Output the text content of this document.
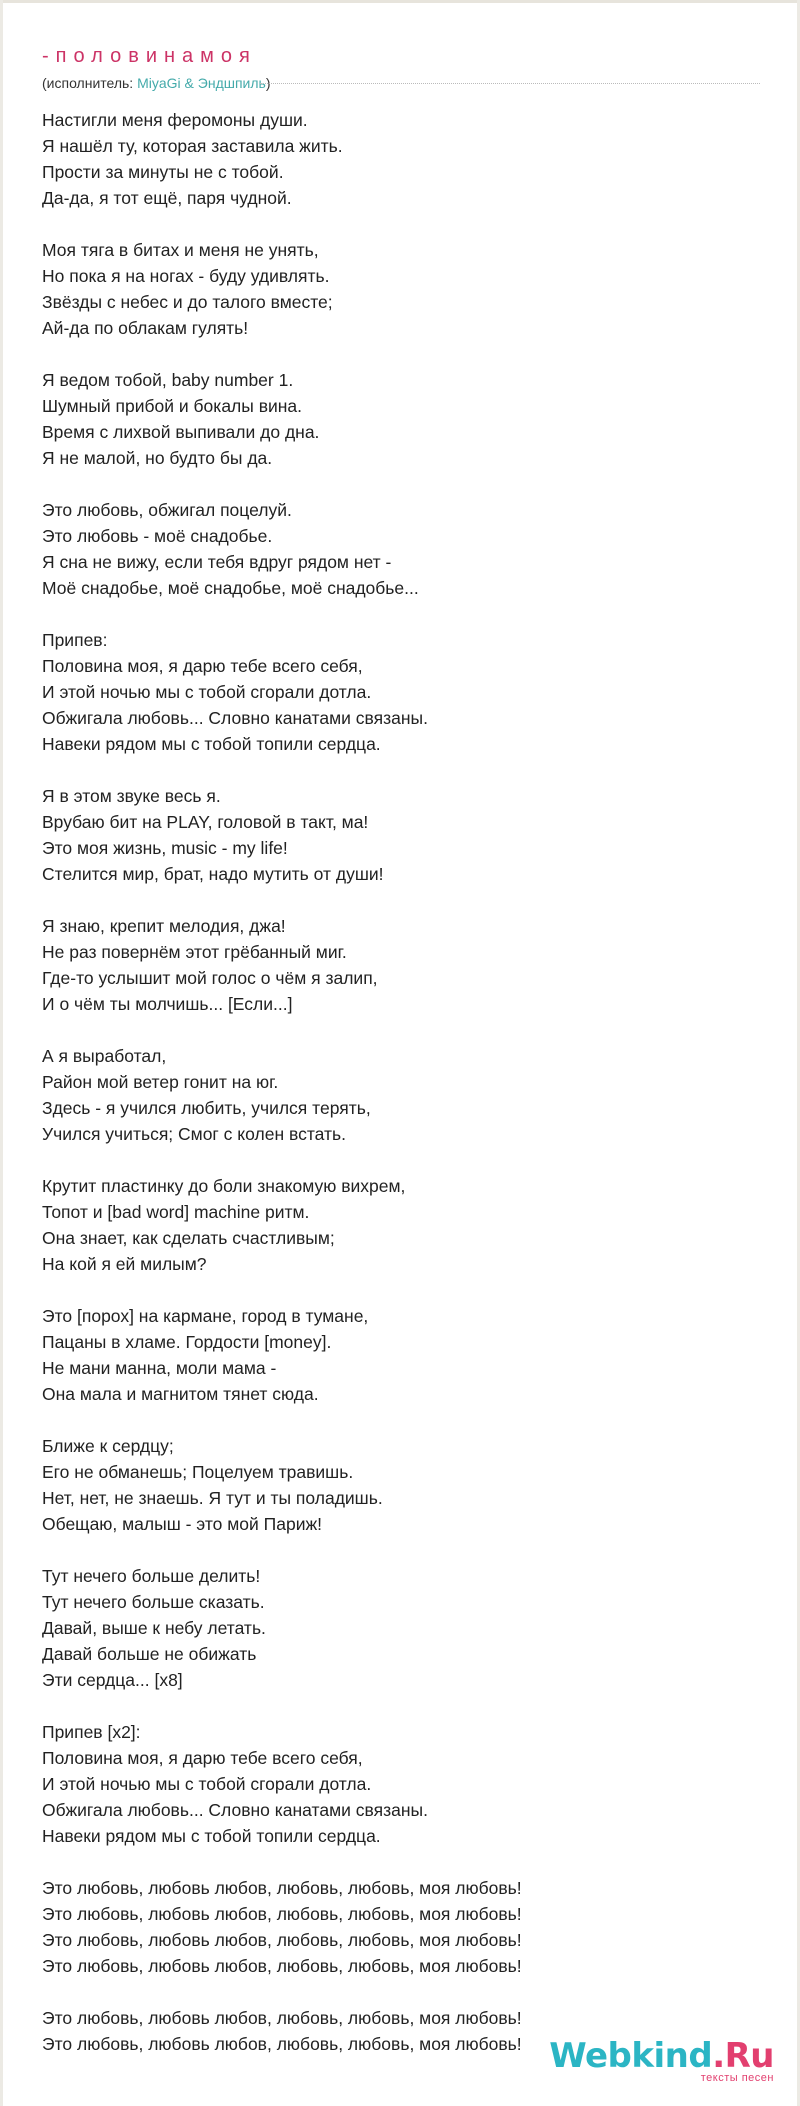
-половинамоя
(исполнитель: MiyaGi & Эндшпиль)
Настигли меня феромоны души.
Я нашёл ту, которая заставила жить.
Прости за минуты не с тобой.
Да-да, я тот ещё, паря чудной.
Моя тяга в битах и меня не унять,
Но пока я на ногах - буду удивлять.
Звёзды с небес и до талого вместе;
Ай-да по облакам гулять!
Я ведом тобой, baby number 1.
Шумный прибой и бокалы вина.
Время с лихвой выпивали до дна.
Я не малой, но будто бы да.
Это любовь, обжигал поцелуй.
Это любовь - моё снадобье.
Я сна не вижу, если тебя вдруг рядом нет -
Моё снадобье, моё снадобье, моё снадобье...
Припев:
Половина моя, я дарю тебе всего себя,
И этой ночью мы с тобой сгорали дотла.
Обжигала любовь... Словно канатами связаны.
Навеки рядом мы с тобой топили сердца.
Я в этом звуке весь я.
Врубаю бит на PLAY, головой в такт, ма!
Это моя жизнь, music - my life!
Стелится мир, брат, надо мутить от души!
Я знаю, крепит мелодия, джа!
Не раз повернём этот грёбанный миг.
Где-то услышит мой голос о чём я залип,
И о чём ты молчишь... [Если...]
А я выработал,
Район мой ветер гонит на юг.
Здесь - я учился любить, учился терять,
Учился учиться; Смог с колен встать.
Крутит пластинку до боли знакомую вихрем,
Топот и [bad word] machine ритм.
Она знает, как сделать счастливым;
На кой я ей милым?
Это [порох] на кармане, город в тумане,
Пацаны в хламе. Гордости [money].
Не мани манна, моли мама -
Она мала и магнитом тянет сюда.
Ближе к сердцу;
Его не обманешь; Поцелуем травишь.
Нет, нет, не знаешь. Я тут и ты поладишь.
Обещаю, малыш - это мой Париж!
Тут нечего больше делить!
Тут нечего больше сказать.
Давай, выше к небу летать.
Давай больше не обижать
Эти сердца... [x8]
Припев [x2]:
Половина моя, я дарю тебе всего себя,
И этой ночью мы с тобой сгорали дотла.
Обжигала любовь... Словно канатами связаны.
Навеки рядом мы с тобой топили сердца.
Это любовь, любовь любов, любовь, любовь, моя любовь!
Это любовь, любовь любов, любовь, любовь, моя любовь!
Это любовь, любовь любов, любовь, любовь, моя любовь!
Это любовь, любовь любов, любовь, любовь, моя любовь!
Это любовь, любовь любов, любовь, любовь, моя любовь!
Это любовь, любовь любов, любовь, любовь, моя любовь! Webkind.Ru
тексты песен
